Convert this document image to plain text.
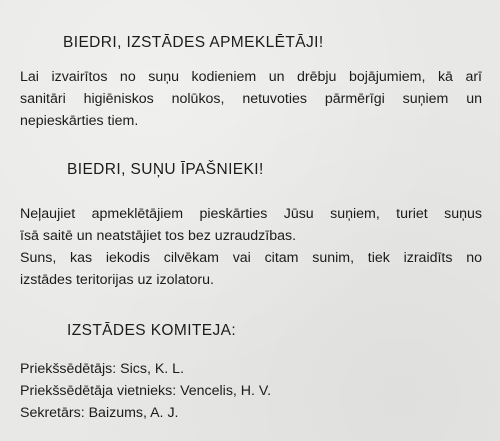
BIEDRI, IZSTĀDES APMEKLĒTĀJI!
Lai izvairītos no suņu kodieniem un drēbju bojājumiem, kā arī
sanitāri higiēniskos nolūkos, netuvoties pārmērīgi suņiem un
nepieskārties tiem.
BIEDRI, SUŅU ĪPAŠNIEKI!
Neļaujiet apmeklētājiem pieskārties Jūsu suņiem, turiet suņus
īsā saitē un neatstājiet tos bez uzraudzības.
Suns, kas iekodis cilvēkam vai citam sunim, tiek izraidīts no
izstādes teritorijas uz izolatoru.
IZSTĀDES KOMITEJA:
Priekšsēdētājs: Sics, K. L.
Priekšsēdētāja vietnieks: Vencelis, H. V.
Sekretārs: Baizums, A. J.
